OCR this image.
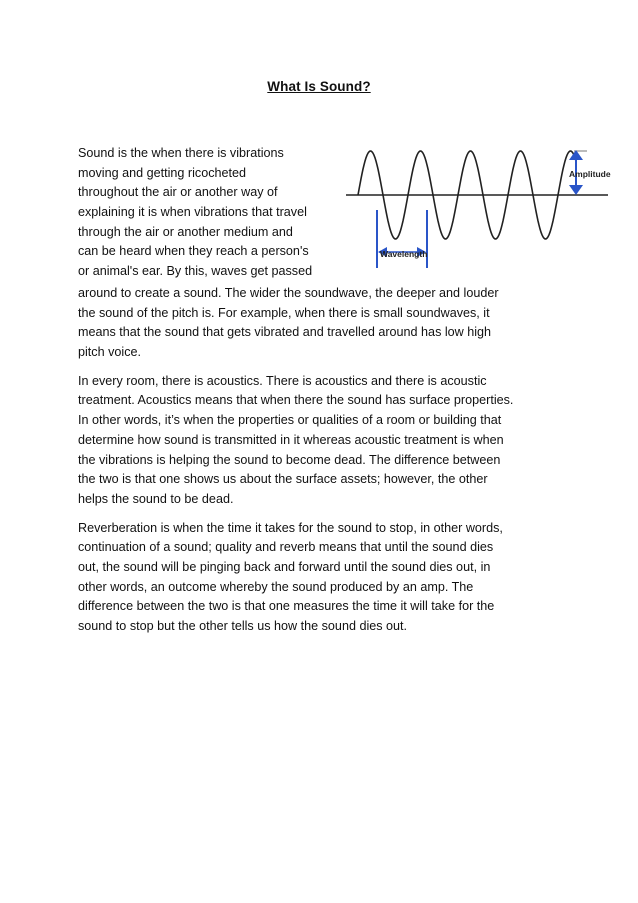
What Is Sound?
Sound is the when there is vibrations
moving and getting ricocheted
throughout the air or another way of
explaining it is when vibrations that travel
through the air or another medium and
can be heard when they reach a person's
or animal's ear. By this, waves get passed
around to create a sound. The wider the soundwave, the deeper and louder
the sound of the pitch is. For example, when there is small soundwaves, it
means that the sound that gets vibrated and travelled around has low high
pitch voice.
In every room, there is acoustics. There is acoustics and there is acoustic
treatment. Acoustics means that when there the sound has surface properties.
In other words, it’s when the properties or qualities of a room or building that
determine how sound is transmitted in it whereas acoustic treatment is when
the vibrations is helping the sound to become dead. The difference between
the two is that one shows us about the surface assets; however, the other
helps the sound to be dead.
Reverberation is when the time it takes for the sound to stop, in other words,
continuation of a sound; quality and reverb means that until the sound dies
out, the sound will be pinging back and forward until the sound dies out, in
other words, an outcome whereby the sound produced by an amp. The
difference between the two is that one measures the time it will take for the
sound to stop but the other tells us how the sound dies out.
Amplitude
Wavelength
